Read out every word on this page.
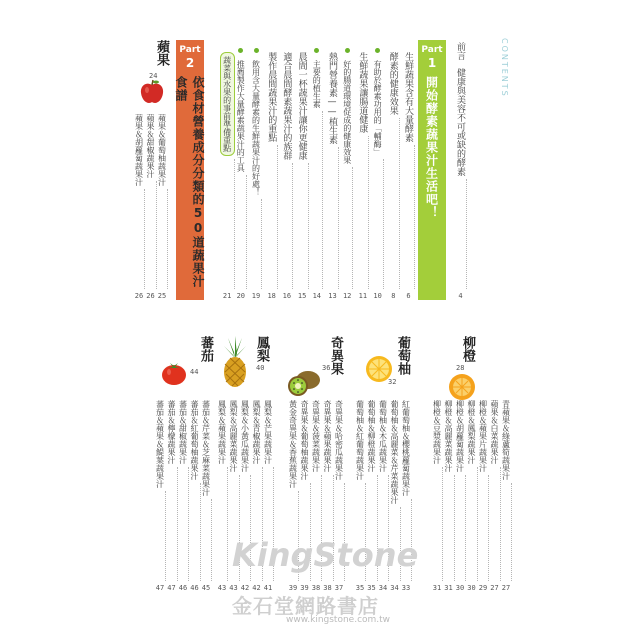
CONTENTS
前言
健康與美容不可或缺的酵素
4
Part
1
開始酵素蔬果汁生活吧！
生鮮蔬果含有大量酵素
6
酵素的健康效果
8
有助於酵素功用的「輔酶」
10
生鮮蔬果讓腸道健康
11
好的腸道環境促成的健康效果
12
熱門營養素——植生素
13
主要的植生素
14
晨間一杯蔬果汁讓你更健康
15
適合晨間酵素蔬果汁的族群
16
製作晨間蔬果汁的重點
18
飲用含大量酵素的生鮮蔬果汁的好處！
19
推薦製作大量酵素蔬果汁的工具
20
蔬菜與水果的事前準備重點
21
Part
2
依食材營養成分分類的50道蔬果汁食譜
蘋果
24
蘋果＆葡萄柚蔬果汁
25
蘋果＆甜椒蔬果汁
26
蘋果＆胡蘿蔔蔬果汁
26
柳橙
28
青蘋果＆綠蘆筍蔬果汁
27
蘋果＆白菜蔬果汁
27
柳橙＆蘋果片蔬果汁
29
柳橙＆鳳梨蔬果汁
30
柳橙＆胡蘿蔔蔬果汁
30
柳橙＆高麗菜蔬果汁
31
柳橙＆豆漿蔬果汁
31
葡萄柚
32
紅葡萄柚＆櫻桃蘿蔔蔬果汁
33
葡萄柚＆高麗菜＆芹菜蔬果汁
34
葡萄柚＆木瓜蔬果汁
34
葡萄柚＆柳橙蔬果汁
35
葡萄柚＆紅葡萄蔬果汁
35
奇異果
36
奇異果＆哈密瓜蔬果汁
37
奇異果＆蘋果蔬果汁
38
奇異果＆菠菜蔬果汁
38
奇異果＆葡萄柚蔬果汁
39
黃金奇異果＆香蕉蔬果汁
39
鳳梨
40
鳳梨＆芒果蔬果汁
41
鳳梨＆青椒蔬果汁
42
鳳梨＆小黃瓜蔬果汁
42
鳳梨＆高麗菜蔬果汁
43
鳳梨＆蘋果蔬果汁
43
蕃茄
44
蕃茄＆芹菜＆芝麻菜蔬果汁
45
蕃茄＆紅葡萄柚蔬果汁
46
蕃茄＆甜椒蔬果汁
46
蕃茄＆檸檬蔬果汁
47
蕃茄＆蘋果＆鯷葉蔬果汁
47
KingStone
金石堂網路書店
www.kingstone.com.tw
